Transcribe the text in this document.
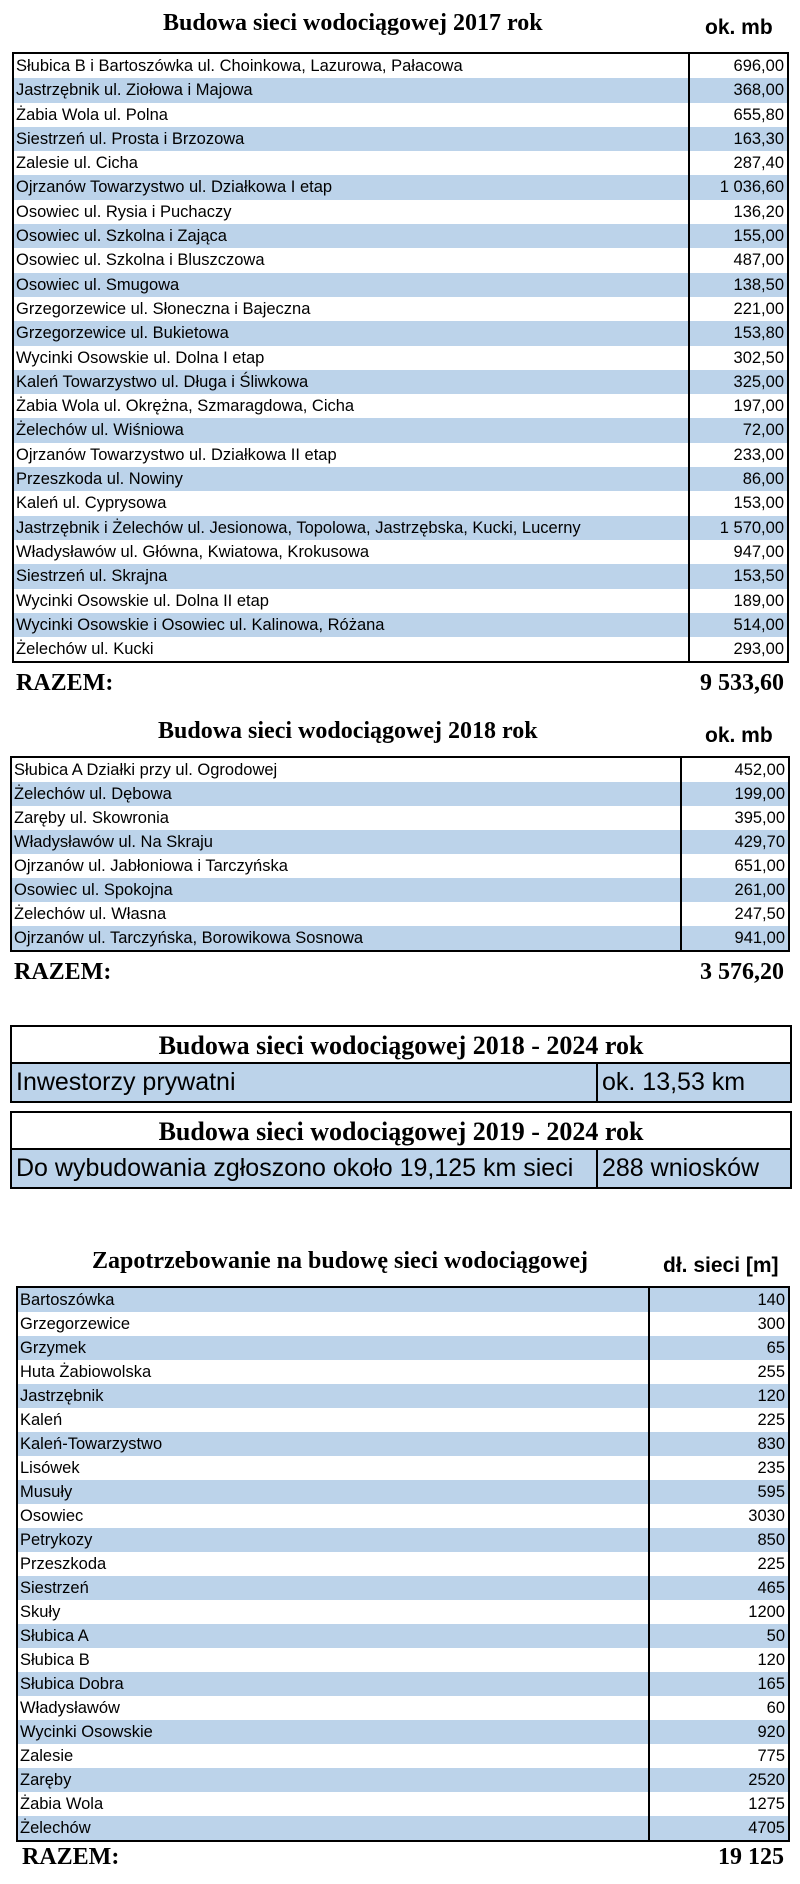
Budowa sieci wodociągowej 2017 rok	ok. mb
Słubica B i Bartoszówka ul. Choinkowa, Lazurowa, Pałacowa	696,00
Jastrzębnik ul. Ziołowa i Majowa	368,00
Żabia Wola ul. Polna	655,80
Siestrzeń ul. Prosta i Brzozowa	163,30
Zalesie ul. Cicha	287,40
Ojrzanów Towarzystwo ul. Działkowa I etap	1 036,60
Osowiec ul. Rysia i Puchaczy	136,20
Osowiec ul. Szkolna i Zająca	155,00
Osowiec ul. Szkolna i Bluszczowa	487,00
Osowiec ul. Smugowa	138,50
Grzegorzewice ul. Słoneczna i Bajeczna	221,00
Grzegorzewice ul. Bukietowa	153,80
Wycinki Osowskie ul. Dolna I etap	302,50
Kaleń Towarzystwo ul. Długa i Śliwkowa	325,00
Żabia Wola ul. Okrężna, Szmaragdowa, Cicha	197,00
Żelechów ul. Wiśniowa	72,00
Ojrzanów Towarzystwo ul. Działkowa II etap	233,00
Przeszkoda ul. Nowiny	86,00
Kaleń ul. Cyprysowa	153,00
Jastrzębnik i Żelechów ul. Jesionowa, Topolowa, Jastrzębska, Kucki, Lucerny	1 570,00
Władysławów ul. Główna, Kwiatowa, Krokusowa	947,00
Siestrzeń ul. Skrajna	153,50
Wycinki Osowskie ul. Dolna II etap	189,00
Wycinki Osowskie i Osowiec ul. Kalinowa, Różana	514,00
Żelechów ul. Kucki	293,00
RAZEM:	9 533,60
Budowa sieci wodociągowej 2018 rok	ok. mb
Słubica A Działki przy ul. Ogrodowej	452,00
Żelechów ul. Dębowa	199,00
Zaręby ul. Skowronia	395,00
Władysławów ul. Na Skraju	429,70
Ojrzanów ul. Jabłoniowa i Tarczyńska	651,00
Osowiec ul. Spokojna	261,00
Żelechów ul. Własna	247,50
Ojrzanów ul. Tarczyńska, Borowikowa Sosnowa	941,00
RAZEM:	3 576,20
Budowa sieci wodociągowej 2018 - 2024 rok
Inwestorzy prywatni	ok. 13,53 km
Budowa sieci wodociągowej 2019 - 2024 rok
Do wybudowania zgłoszono około 19,125 km sieci	288 wniosków
Zapotrzebowanie na budowę sieci wodociągowej	dł. sieci [m]
Bartoszówka	140
Grzegorzewice	300
Grzymek	65
Huta Żabiowolska	255
Jastrzębnik	120
Kaleń	225
Kaleń-Towarzystwo	830
Lisówek	235
Musuły	595
Osowiec	3030
Petrykozy	850
Przeszkoda	225
Siestrzeń	465
Skuły	1200
Słubica A	50
Słubica B	120
Słubica Dobra	165
Władysławów	60
Wycinki Osowskie	920
Zalesie	775
Zaręby	2520
Żabia Wola	1275
Żelechów	4705
RAZEM:	19 125
